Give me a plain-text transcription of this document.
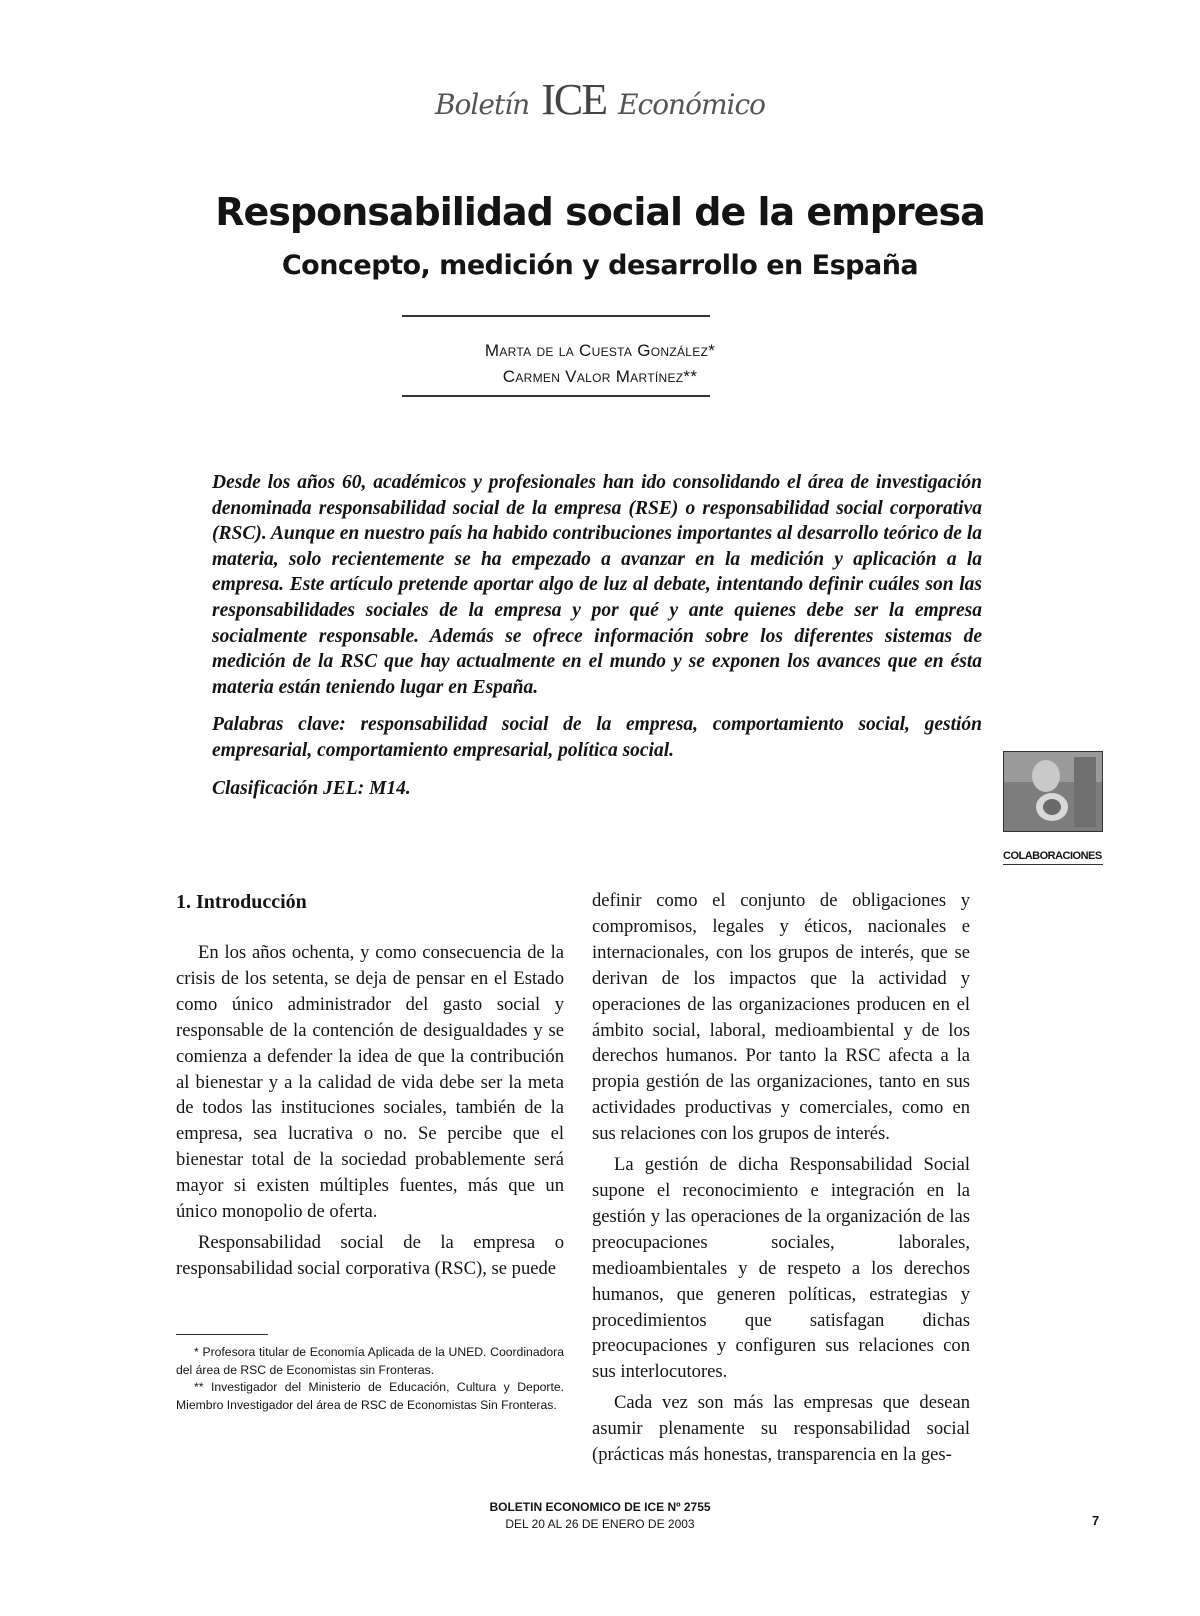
Boletín ICE Económico
Responsabilidad social de la empresa
Concepto, medición y desarrollo en España
Marta de la Cuesta González*
Carmen Valor Martínez**

Desde los años 60, académicos y profesionales han ido consolidando el área de investigación denominada responsabilidad social de la empresa (RSE) o responsabilidad social corporativa (RSC). Aunque en nuestro país ha habido contribuciones importantes al desarrollo teórico de la materia, solo recientemente se ha empezado a avanzar en la medición y aplicación a la empresa. Este artículo pretende aportar algo de luz al debate, intentando definir cuáles son las responsabilidades sociales de la empresa y por qué y ante quienes debe ser la empresa socialmente responsable. Además se ofrece información sobre los diferentes sistemas de medición de la RSC que hay actualmente en el mundo y se exponen los avances que en ésta materia están teniendo lugar en España.

Palabras clave: responsabilidad social de la empresa, comportamiento social, gestión empresarial, comportamiento empresarial, política social.

Clasificación JEL: M14.

COLABORACIONES
1. Introducción

En los años ochenta, y como consecuencia de la crisis de los setenta, se deja de pensar en el Estado como único administrador del gasto social y responsable de la contención de desigualdades y se comienza a defender la idea de que la contribución al bienestar y a la calidad de vida debe ser la meta de todos las instituciones sociales, también de la empresa, sea lucrativa o no. Se percibe que el bienestar total de la sociedad probablemente será mayor si existen múltiples fuentes, más que un único monopolio de oferta.

Responsabilidad social de la empresa o responsabilidad social corporativa (RSC), se puede

definir como el conjunto de obligaciones y compromisos, legales y éticos, nacionales e internacionales, con los grupos de interés, que se derivan de los impactos que la actividad y operaciones de las organizaciones producen en el ámbito social, laboral, medioambiental y de los derechos humanos. Por tanto la RSC afecta a la propia gestión de las organizaciones, tanto en sus actividades productivas y comerciales, como en sus relaciones con los grupos de interés.

La gestión de dicha Responsabilidad Social supone el reconocimiento e integración en la gestión y las operaciones de la organización de las preocupaciones sociales, laborales, medioambientales y de respeto a los derechos humanos, que generen políticas, estrategias y procedimientos que satisfagan dichas preocupaciones y configuren sus relaciones con sus interlocutores.

Cada vez son más las empresas que desean asumir plenamente su responsabilidad social (prácticas más honestas, transparencia en la ges-

* Profesora titular de Economía Aplicada de la UNED. Coordinadora del área de RSC de Economistas sin Fronteras.

** Investigador del Ministerio de Educación, Cultura y Deporte. Miembro Investigador del área de RSC de Economistas Sin Fronteras.

BOLETIN ECONOMICO DE ICE Nº 2755
DEL 20 AL 26 DE ENERO DE 2003	7
